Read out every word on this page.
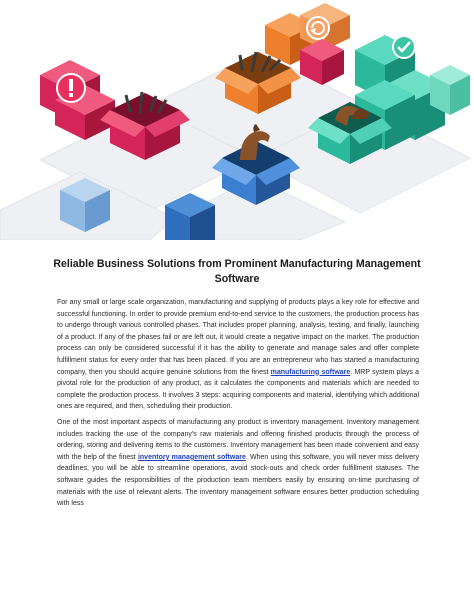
Reliable Business Solutions from Prominent Manufacturing Management Software

For any small or large scale organization, manufacturing and supplying of products plays a key role for effective and successful functioning. In order to provide premium end-to-end service to the customers, the production process has to undergo through various controlled phases. That includes proper planning, analysis, testing, and finally, launching of a product. If any of the phases fail or are left out, it would create a negative impact on the market. The production process can only be considered successful if it has the ability to generate and manage sales and offer complete fulfillment status for every order that has been placed. If you are an entrepreneur who has started a manufacturing company, then you should acquire genuine solutions from the finest manufacturing software. MRP system plays a pivotal role for the production of any product, as it calculates the components and materials which are needed to complete the production process. It involves 3 steps: acquiring components and material, identifying which additional ones are required, and then, scheduling their production.

One of the most important aspects of manufacturing any product is inventory management. Inventory management includes tracking the use of the company’s raw materials and offering finished products through the process of ordering, storing and delivering items to the customers. Inventory management has been made convenient and easy with the help of the finest inventory management software. When using this software, you will never miss delivery deadlines, you will be able to streamline operations, avoid stock-outs and check order fulfillment statuses. The software guides the responsibilities of the production team members easily by ensuring on-time purchasing of materials with the use of relevant alerts. The inventory management software ensures better production scheduling with less
